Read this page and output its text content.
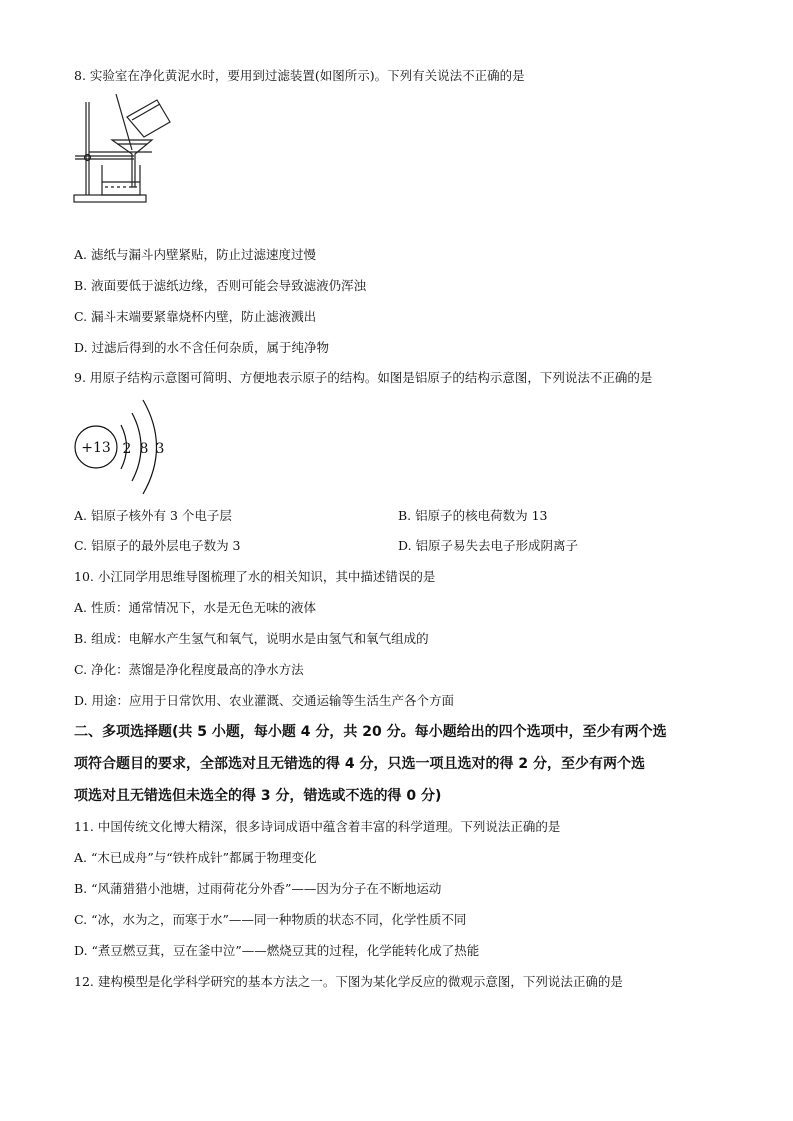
8. 实验室在净化黄泥水时，要用到过滤装置(如图所示)。下列有关说法不正确的是
A. 滤纸与漏斗内壁紧贴，防止过滤速度过慢
B. 液面要低于滤纸边缘，否则可能会导致滤液仍浑浊
C. 漏斗末端要紧靠烧杯内壁，防止滤液溅出
D. 过滤后得到的水不含任何杂质，属于纯净物
9. 用原子结构示意图可简明、方便地表示原子的结构。如图是铝原子的结构示意图，下列说法不正确的是
+13 2 8 3
A. 铝原子核外有 3 个电子层	B. 铝原子的核电荷数为 13
C. 铝原子的最外层电子数为 3	D. 铝原子易失去电子形成阴离子
10. 小江同学用思维导图梳理了水的相关知识，其中描述错误的是
A. 性质：通常情况下，水是无色无味的液体
B. 组成：电解水产生氢气和氧气，说明水是由氢气和氧气组成的
C. 净化：蒸馏是净化程度最高的净水方法
D. 用途：应用于日常饮用、农业灌溉、交通运输等生活生产各个方面
二、多项选择题(共 5 小题，每小题 4 分，共 20 分。每小题给出的四个选项中，至少有两个选
项符合题目的要求，全部选对且无错选的得 4 分，只选一项且选对的得 2 分，至少有两个选
项选对且无错选但未选全的得 3 分，错选或不选的得 0 分)
11. 中国传统文化博大精深，很多诗词成语中蕴含着丰富的科学道理。下列说法正确的是
A. “木已成舟”与“铁杵成针”都属于物理变化
B. “风蒲猎猎小池塘，过雨荷花分外香”——因为分子在不断地运动
C. “冰，水为之，而寒于水”——同一种物质的状态不同，化学性质不同
D. “煮豆燃豆萁，豆在釜中泣”——燃烧豆萁的过程，化学能转化成了热能
12. 建构模型是化学科学研究的基本方法之一。下图为某化学反应的微观示意图，下列说法正确的是
